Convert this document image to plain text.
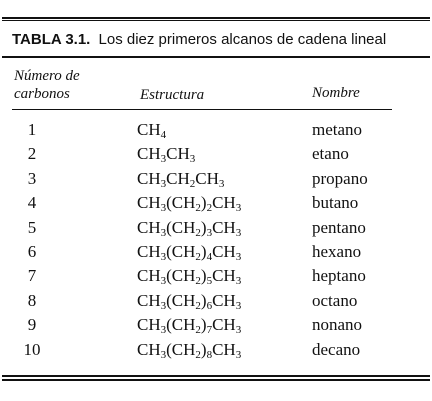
TABLA 3.1. Los diez primeros alcanos de cadena lineal
Número de
carbonos	Estructura	Nombre
1	$CH_4$	metano
2	$CH_3CH_3$	etano
3	$CH_3CH_2CH_3$	propano
4	$CH_3(CH_2)_2CH_3$	butano
5	$CH_3(CH_2)_3CH_3$	pentano
6	$CH_3(CH_2)_4CH_3$	hexano
7	$CH_3(CH_2)_5CH_3$	heptano
8	$CH_3(CH_2)_6CH_3$	octano
9	$CH_3(CH_2)_7CH_3$	nonano
10	$CH_3(CH_2)_8CH_3$	decano
